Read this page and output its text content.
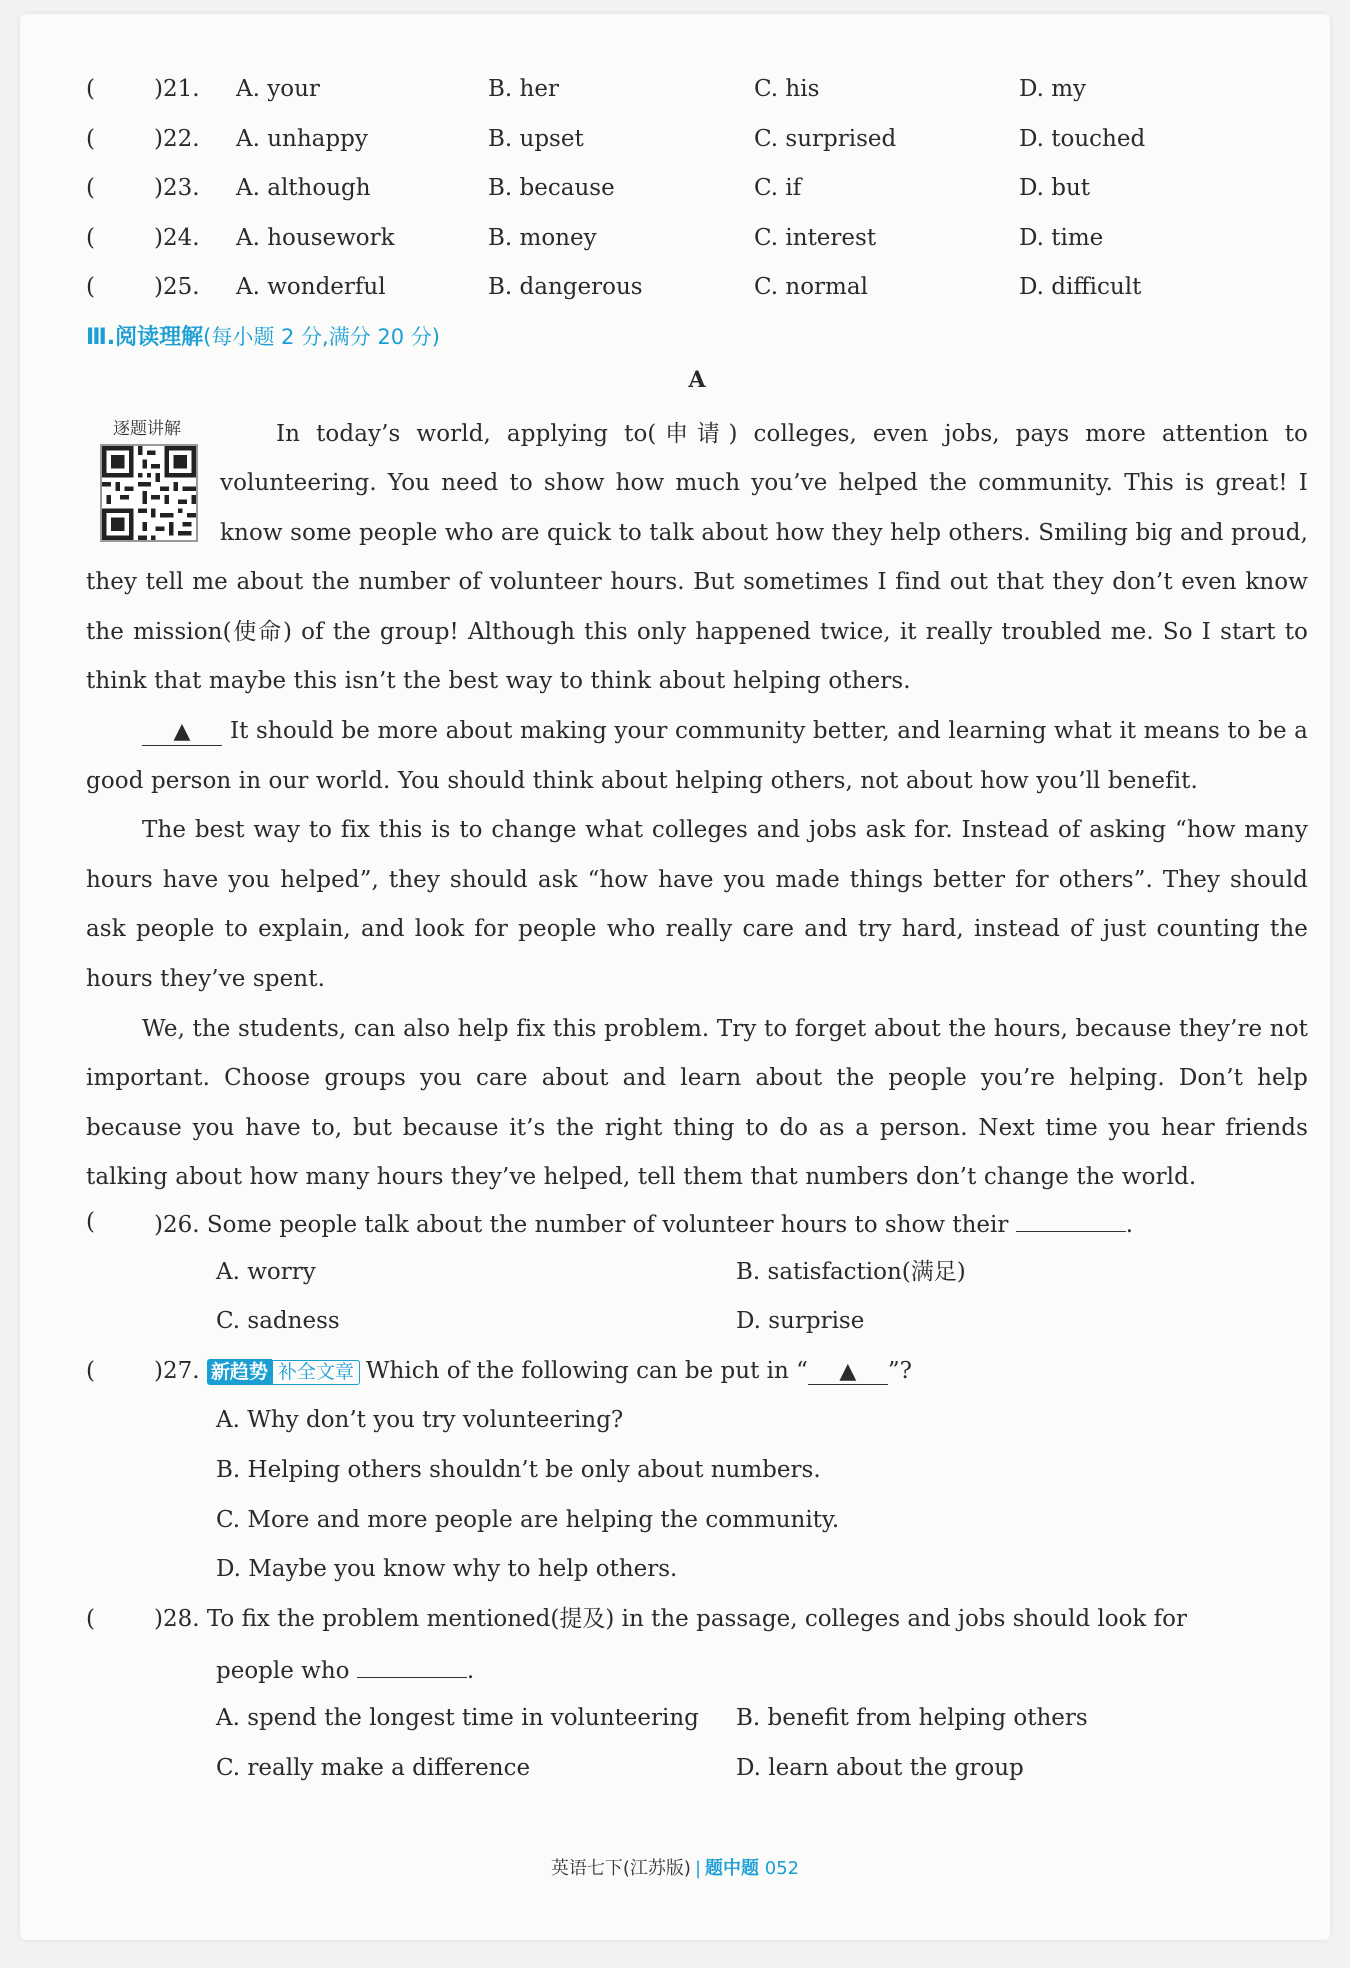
(	)21. A. your	B. her	C. his	D. my
(	)22. A. unhappy	B. upset	C. surprised	D. touched
(	)23. A. although	B. because	C. if	D. but
(	)24. A. housework	B. money	C. interest	D. time
(	)25. A. wonderful	B. dangerous	C. normal	D. difficult
Ⅲ.阅读理解(每小题 2 分,满分 20 分)
A
逐题讲解	In today’s world, applying to(申请) colleges, even jobs, pays more attention to volunteering. You need to show how much you’ve helped the community. This is great! I know some people who are quick to talk about how they help others. Smiling big and proud, they tell me about the number of volunteer hours. But sometimes I find out that they don’t even know the mission(使命) of the group! Although this only happened twice, it really troubled me. So I start to think that maybe this isn’t the best way to think about helping others.

▲ It should be more about making your community better, and learning what it means to be a good person in our world. You should think about helping others, not about how you’ll benefit.

The best way to fix this is to change what colleges and jobs ask for. Instead of asking “how many hours have you helped”, they should ask “how have you made things better for others”. They should ask people to explain, and look for people who really care and try hard, instead of just counting the hours they’ve spent.

We, the students, can also help fix this problem. Try to forget about the hours, because they’re not important. Choose groups you care about and learn about the people you’re helping. Don’t help because you have to, but because it’s the right thing to do as a person. Next time you hear friends talking about how many hours they’ve helped, tell them that numbers don’t change the world.

(	)26. Some people talk about the number of volunteer hours to show their	.
A. worry	B. satisfaction(满足)
C. sadness	D. surprise
(	)27. 新趋势 补全文章 Which of the following can be put in “ ▲ ”?
A. Why don’t you try volunteering?
B. Helping others shouldn’t be only about numbers.
C. More and more people are helping the community.
D. Maybe you know why to help others.
(	)28. To fix the problem mentioned(提及) in the passage, colleges and jobs should look for
people who	.
A. spend the longest time in volunteering B. benefit from helping others
C. really make a difference	D. learn about the group
英语七下(江苏版) | 题中题 052
